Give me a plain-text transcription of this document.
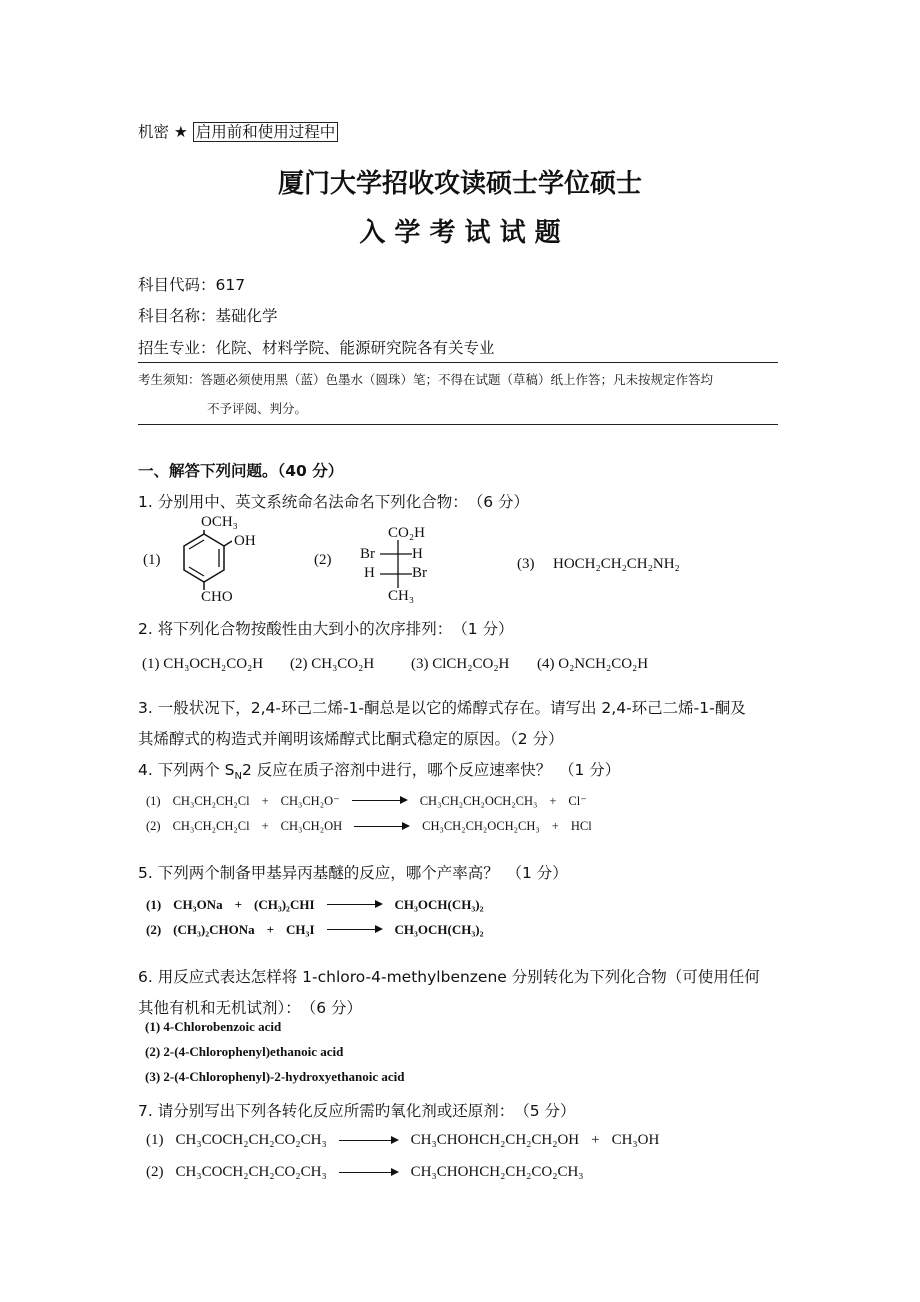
机密 ★ 启用前和使用过程中
厦门大学招收攻读硕士学位硕士
入 学 考 试 试 题
科目代码：617
科目名称：基础化学
招生专业：化院、材料学院、能源研究院各有关专业
考生须知：答题必须使用黑（蓝）色墨水（圆珠）笔；不得在试题（草稿）纸上作答；凡未按规定作答均
不予评阅、判分。
一、解答下列问题。（40 分）
1. 分别用中、英文系统命名法命名下列化合物：　（6 分）
(1)
OCH₃
OH
CHO
(2)
CO₂H
Br H
H Br
CH₃
(3) HOCH₂CH₂CH₂NH₂
2. 将下列化合物按酸性由大到小的次序排列：　（1 分）
(1) CH₃OCH₂CO₂H (2) CH₃CO₂H (3) ClCH₂CO₂H (4) O₂NCH₂CO₂H
3. 一般状况下，2,4-环己二烯-1-酮总是以它的烯醇式存在。请写出 2,4-环己二烯-1-酮及
其烯醇式的构造式并阐明该烯醇式比酮式稳定的原因。（2 分）
4. 下列两个 $S_N2$ 反应在质子溶剂中进行，哪个反应速率快？　（1 分）
(1) CH₃CH₂CH₂Cl + CH₃CH₂O⁻	CH₃CH₂CH₂OCH₂CH₃ + Cl⁻
(2) CH₃CH₂CH₂Cl + CH₃CH₂OH	CH₃CH₂CH₂OCH₂CH₃ + HCl
5. 下列两个制备甲基异丙基醚的反应，哪个产率高？　（1 分）
(1) CH₃ONa + (CH₃)₂CHI	CH₃OCH(CH₃)₂
(2) (CH₃)₂CHONa + CH₃I	CH₃OCH(CH₃)₂
6. 用反应式表达怎样将 1-chloro-4-methylbenzene 分别转化为下列化合物（可使用任何
其他有机和无机试剂）：　（6 分）
(1) 4-Chlorobenzoic acid
(2) 2-(4-Chlorophenyl)ethanoic acid
(3) 2-(4-Chlorophenyl)-2-hydroxyethanoic acid
7. 请分别写出下列各转化反应所需旳氧化剂或还原剂：　（5 分）
(1) CH₃COCH₂CH₂CO₂CH₃	CH₃CHOHCH₂CH₂CH₂OH + CH₃OH
(2) CH₃COCH₂CH₂CO₂CH₃	CH₃CHOHCH₂CH₂CO₂CH₃
